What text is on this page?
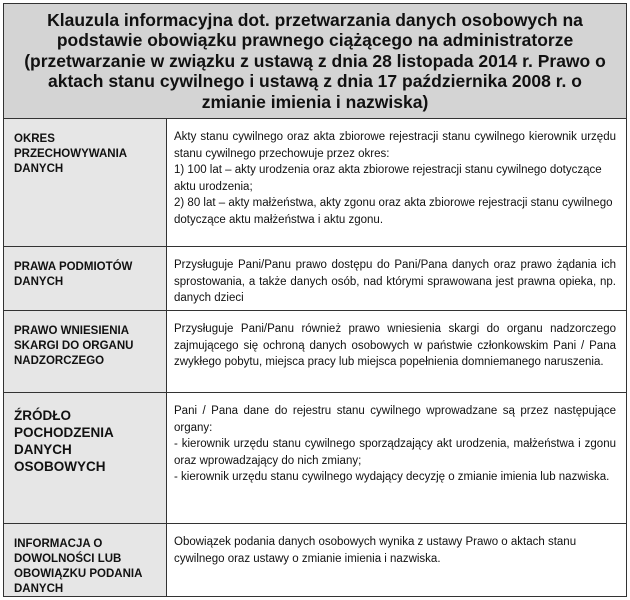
Klauzula informacyjna dot. przetwarzania danych osobowych na podstawie obowiązku prawnego ciążącego na administratorze (przetwarzanie w związku z ustawą z dnia 28 listopada 2014 r. Prawo o aktach stanu cywilnego i ustawą z dnia 17 października 2008 r. o zmianie imienia i nazwiska)
OKRES PRZECHOWYWANIA DANYCH

Akty stanu cywilnego oraz akta zbiorowe rejestracji stanu cywilnego kierownik urzędu stanu cywilnego przechowuje przez okres:

1) 100 lat – akty urodzenia oraz akta zbiorowe rejestracji stanu cywilnego dotyczące aktu urodzenia;

2) 80 lat – akty małżeństwa, akty zgonu oraz akta zbiorowe rejestracji stanu cywilnego dotyczące aktu małżeństwa i aktu zgonu.

PRAWA PODMIOTÓW DANYCH

Przysługuje Pani/Panu prawo dostępu do Pani/Pana danych oraz prawo żądania ich sprostowania, a także danych osób, nad którymi sprawowana jest prawna opieka, np. danych dzieci

PRAWO WNIESIENIA SKARGI DO ORGANU NADZORCZEGO

Przysługuje Pani/Panu również prawo wniesienia skargi do organu nadzorczego zajmującego się ochroną danych osobowych w państwie członkowskim Pani / Pana zwykłego pobytu, miejsca pracy lub miejsca popełnienia domniemanego naruszenia.

ŹRÓDŁO POCHODZENIA DANYCH OSOBOWYCH

Pani / Pana dane do rejestru stanu cywilnego wprowadzane są przez następujące organy:

- kierownik urzędu stanu cywilnego sporządzający akt urodzenia, małżeństwa i zgonu oraz wprowadzający do nich zmiany;

- kierownik urzędu stanu cywilnego wydający decyzję o zmianie imienia lub nazwiska.

INFORMACJA O DOWOLNOŚCI LUB OBOWIĄZKU PODANIA DANYCH

Obowiązek podania danych osobowych wynika z ustawy Prawo o aktach stanu cywilnego oraz ustawy o zmianie imienia i nazwiska.
